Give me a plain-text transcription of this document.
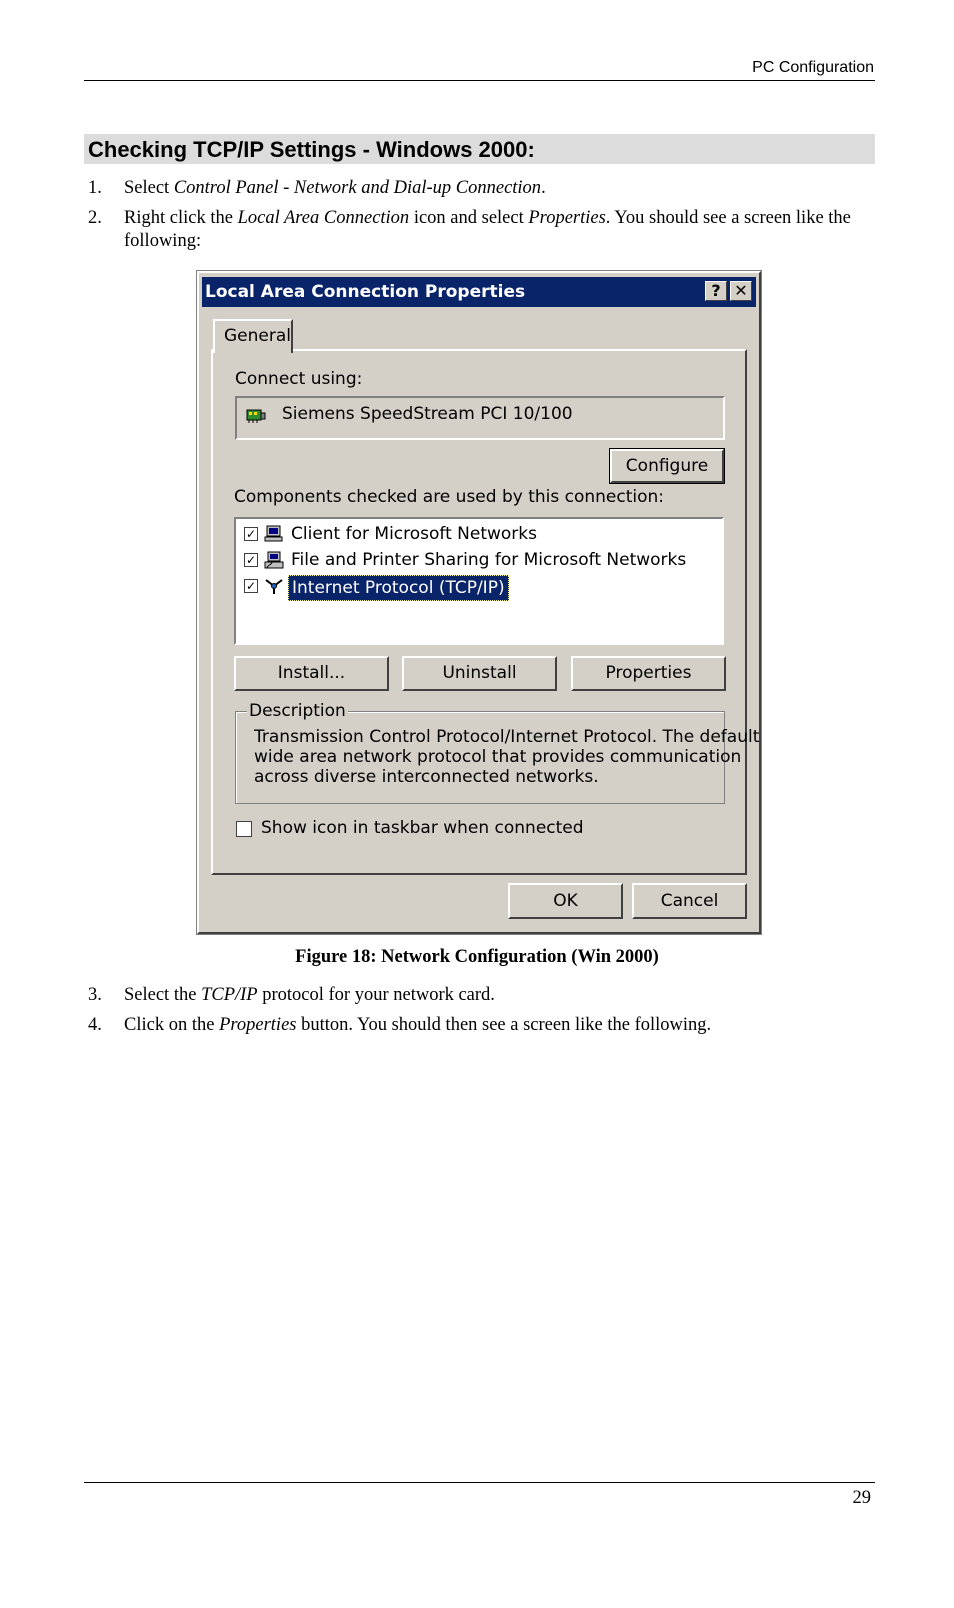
PC Configuration
Checking TCP/IP Settings - Windows 2000:
1. Select Control Panel - Network and Dial-up Connection.
2. Right click the Local Area Connection icon and select Properties. You should see a screen like the following:
Local Area Connection Properties	? ✕
General
Connect using:
Siemens SpeedStream PCI 10/100
Configure
Components checked are used by this connection:
✓ Client for Microsoft Networks
✓ File and Printer Sharing for Microsoft Networks
✓ Internet Protocol (TCP/IP)
Install...	Uninstall	Properties
Description
Transmission Control Protocol/Internet Protocol. The default
wide area network protocol that provides communication
across diverse interconnected networks.
Show icon in taskbar when connected
OK	Cancel
Figure 18: Network Configuration (Win 2000)
3. Select the TCP/IP protocol for your network card.
4. Click on the Properties button. You should then see a screen like the following.
29
